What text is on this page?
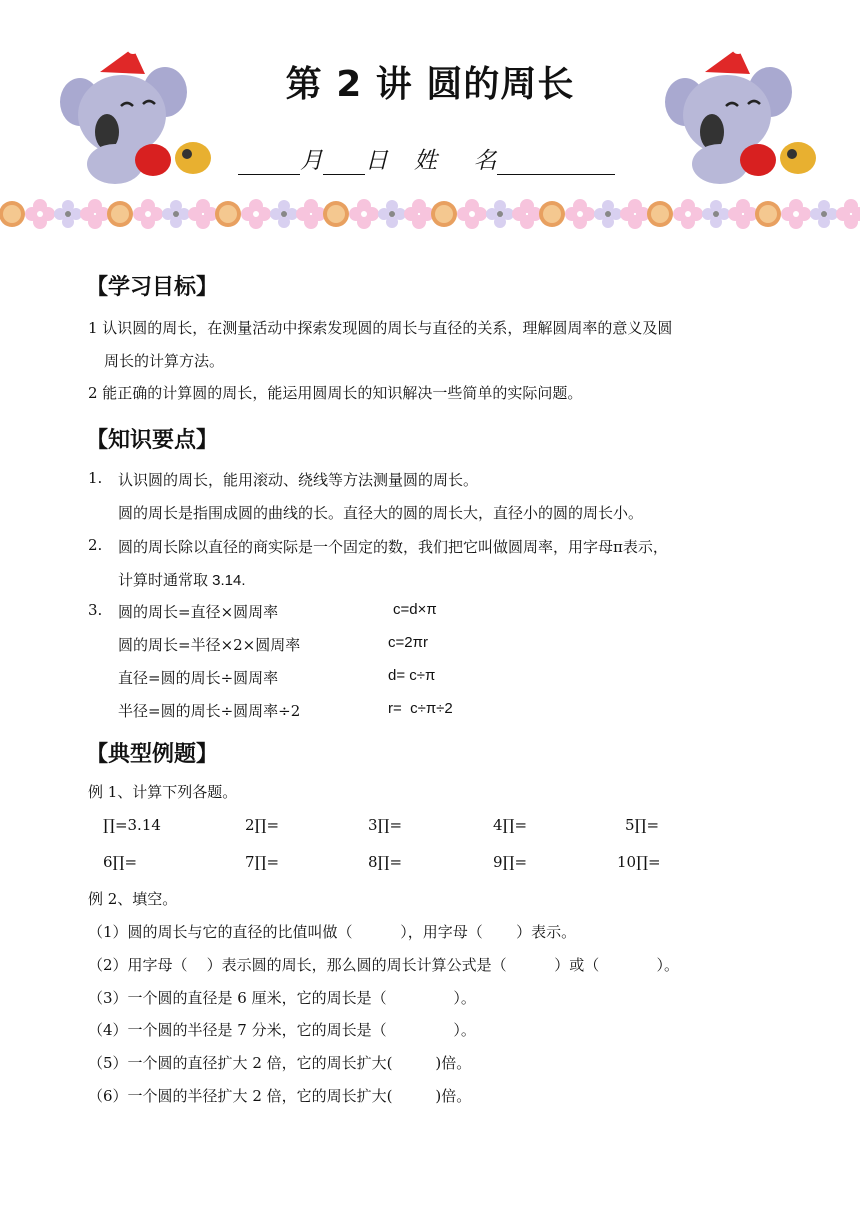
第 2 讲 圆的周长
月 日 姓     名
【学习目标】
1 认识圆的周长，在测量活动中探索发现圆的周长与直径的关系，理解圆周率的意义及圆
周长的计算方法。
2 能正确的计算圆的周长，能运用圆周长的知识解决一些简单的实际问题。
【知识要点】
1. 认识圆的周长，能用滚动、绕线等方法测量圆的周长。
圆的周长是指围成圆的曲线的长。直径大的圆的周长大，直径小的圆的周长小。
2. 圆的周长除以直径的商实际是一个固定的数，我们把它叫做圆周率，用字母π表示，
计算时通常取 3.14.
3. 圆的周长=直径×圆周率	c=d×π
圆的周长=半径×2×圆周率	c=2πr
直径=圆的周长÷圆周率	d= c÷π
半径=圆的周长÷圆周率÷2	r=  c÷π÷2
【典型例题】
例 1、计算下列各题。
∏=3.14	2∏=	3∏=	4∏=	5∏=
6∏=	7∏=	8∏=	9∏=	10∏=
例 2、填空。
（1）圆的周长与它的直径的比值叫做（          ），用字母（       ）表示。
（2）用字母（    ）表示圆的周长，那么圆的周长计算公式是（          ）或（            ）。
（3）一个圆的直径是 6 厘米，它的周长是（              ）。
（4）一个圆的半径是 7 分米，它的周长是（              ）。
（5）一个圆的直径扩大 2 倍，它的周长扩大(         )倍。
（6）一个圆的半径扩大 2 倍，它的周长扩大(         )倍。
